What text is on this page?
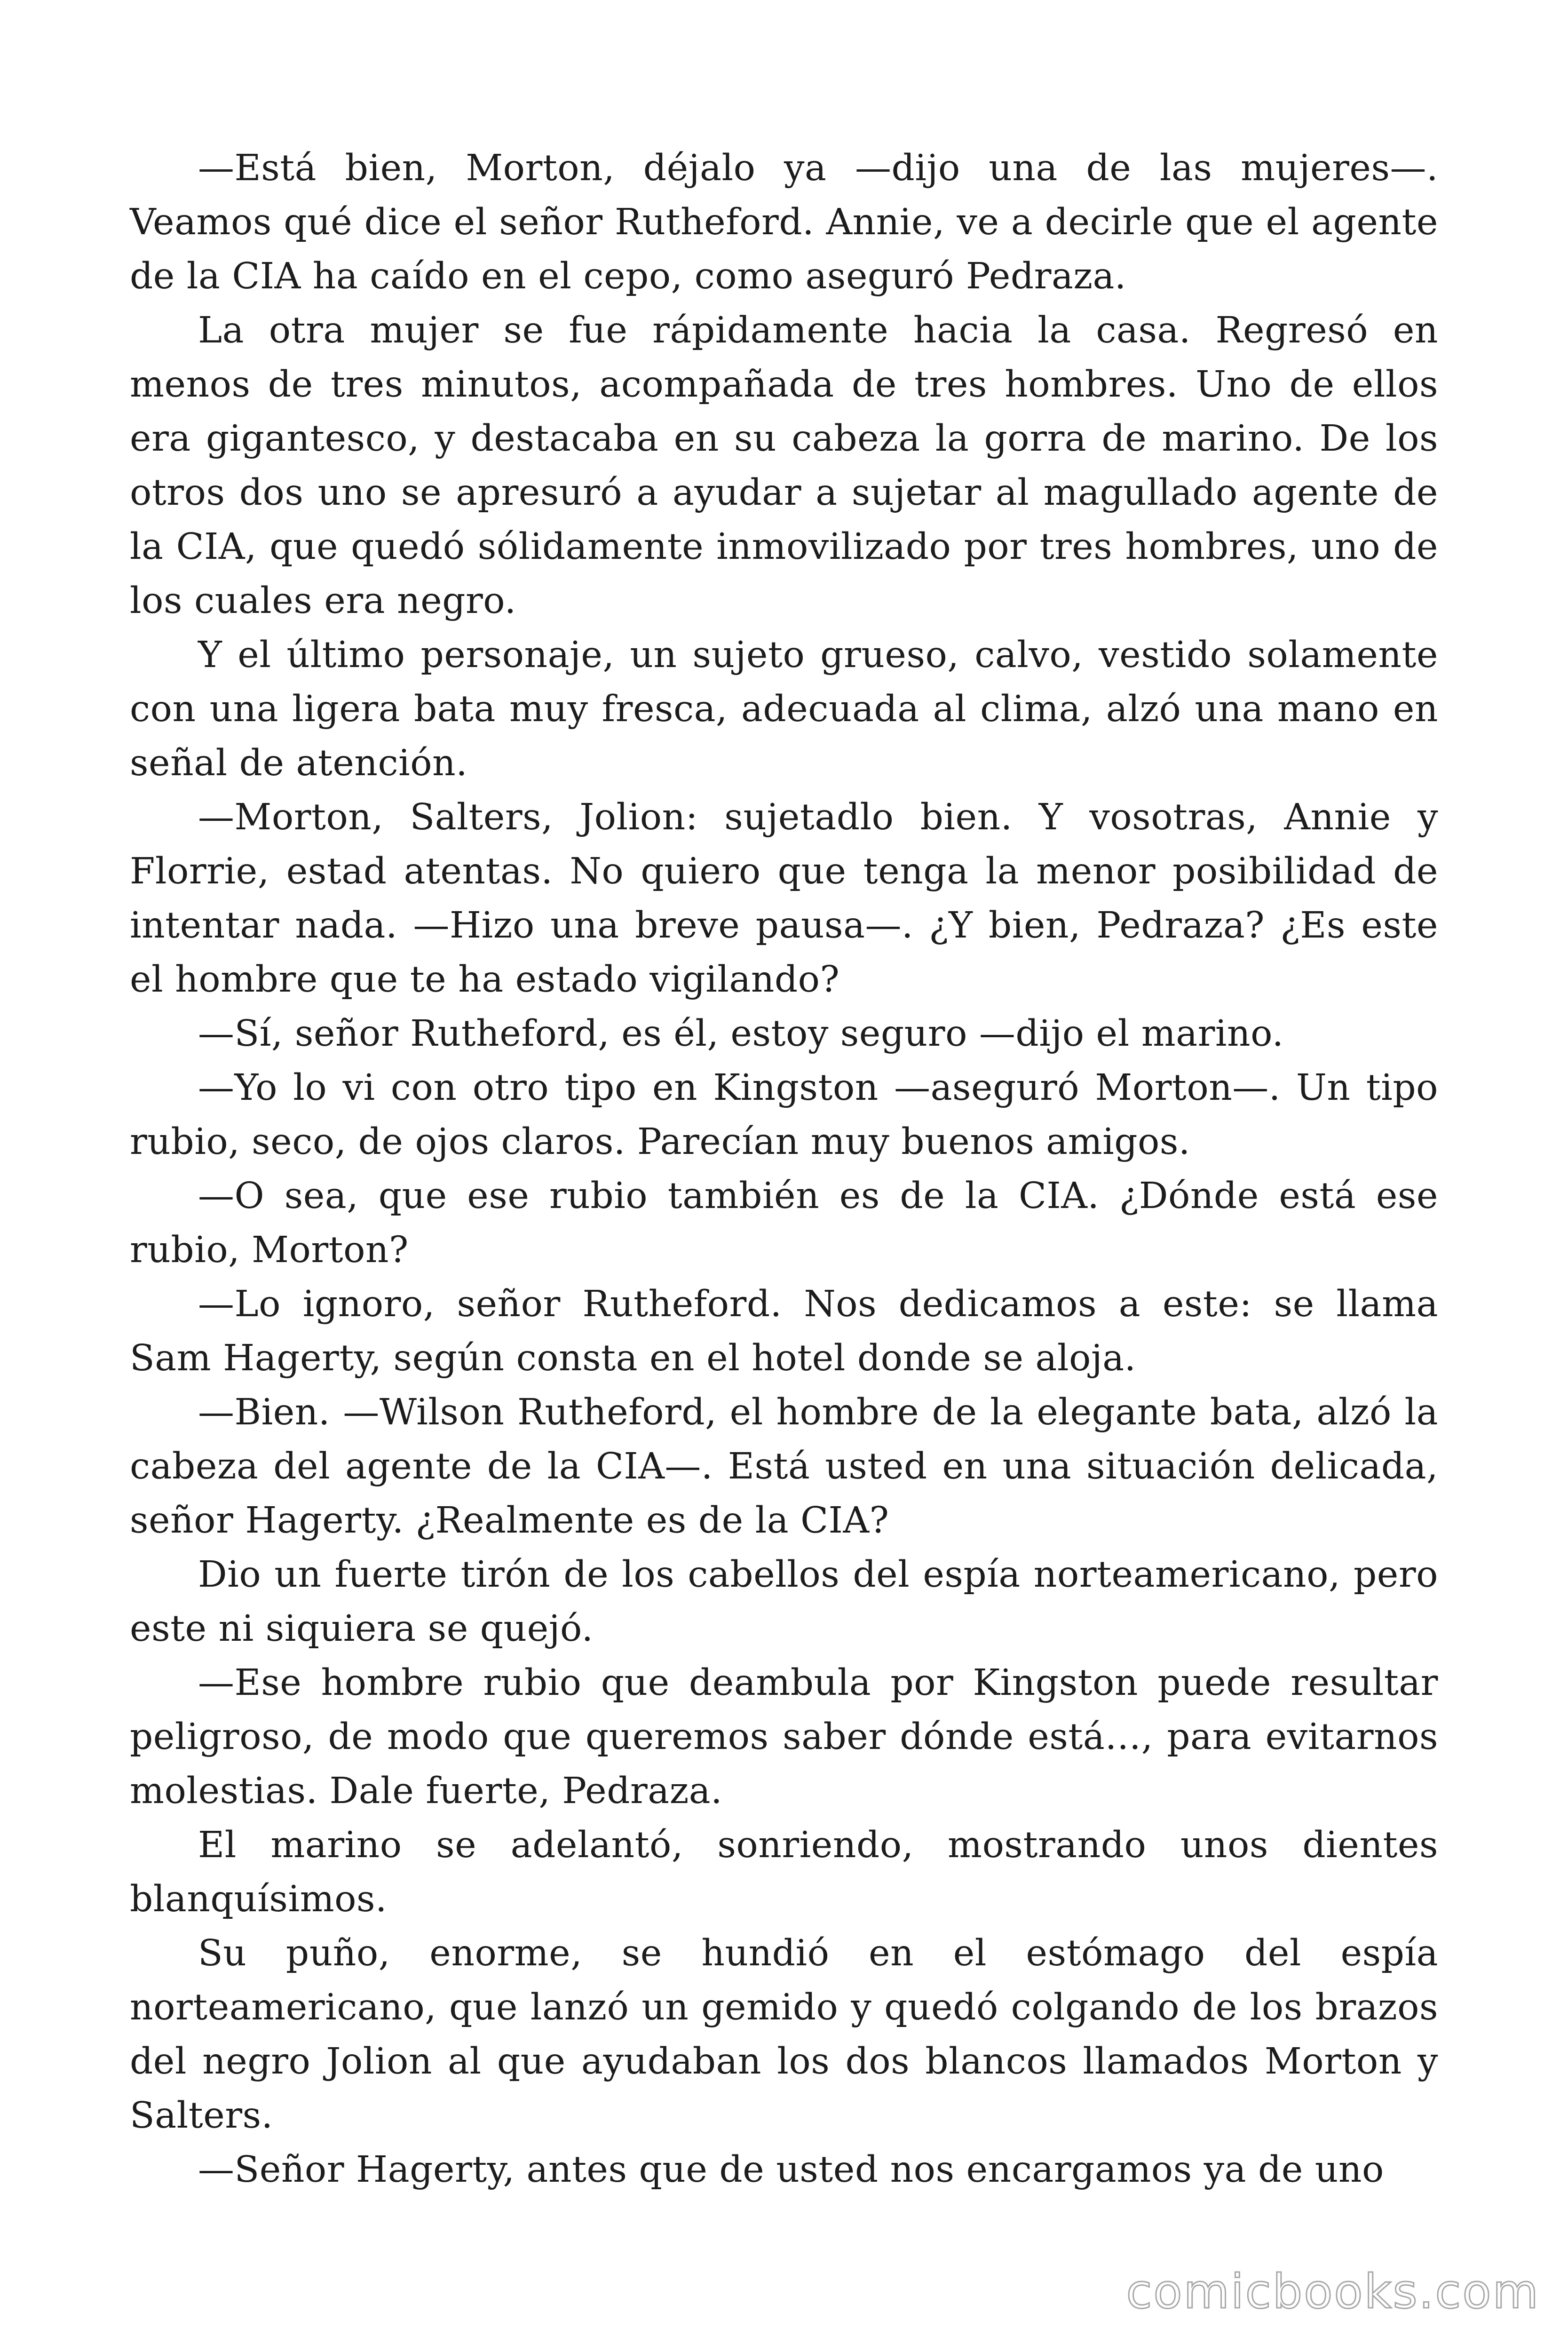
—Está bien, Morton, déjalo ya —dijo una de las mujeres—. Veamos qué dice el señor Rutheford. Annie, ve a decirle que el agente de la CIA ha caído en el cepo, como aseguró Pedraza.

La otra mujer se fue rápidamente hacia la casa. Regresó en menos de tres minutos, acompañada de tres hombres. Uno de ellos era gigantesco, y destacaba en su cabeza la gorra de marino. De los otros dos uno se apresuró a ayudar a sujetar al magullado agente de la CIA, que quedó sólidamente inmovilizado por tres hombres, uno de los cuales era negro.

Y el último personaje, un sujeto grueso, calvo, vestido solamente con una ligera bata muy fresca, adecuada al clima, alzó una mano en señal de atención.

—Morton, Salters, Jolion: sujetadlo bien. Y vosotras, Annie y Florrie, estad atentas. No quiero que tenga la menor posibilidad de intentar nada. —Hizo una breve pausa—. ¿Y bien, Pedraza? ¿Es este el hombre que te ha estado vigilando?

—Sí, señor Rutheford, es él, estoy seguro —dijo el marino.

—Yo lo vi con otro tipo en Kingston —aseguró Morton—. Un tipo rubio, seco, de ojos claros. Parecían muy buenos amigos.

—O sea, que ese rubio también es de la CIA. ¿Dónde está ese rubio, Morton?

—Lo ignoro, señor Rutheford. Nos dedicamos a este: se llama Sam Hagerty, según consta en el hotel donde se aloja.

—Bien. —Wilson Rutheford, el hombre de la elegante bata, alzó la cabeza del agente de la CIA—. Está usted en una situación delicada, señor Hagerty. ¿Realmente es de la CIA?

Dio un fuerte tirón de los cabellos del espía norteamericano, pero este ni siquiera se quejó.

—Ese hombre rubio que deambula por Kingston puede resultar peligroso, de modo que queremos saber dónde está…, para evitarnos molestias. Dale fuerte, Pedraza.

El marino se adelantó, sonriendo, mostrando unos dientes blanquísimos.

Su puño, enorme, se hundió en el estómago del espía norteamericano, que lanzó un gemido y quedó colgando de los brazos del negro Jolion al que ayudaban los dos blancos llamados Morton y Salters.

—Señor Hagerty, antes que de usted nos encargamos ya de uno

comicbooks.com
